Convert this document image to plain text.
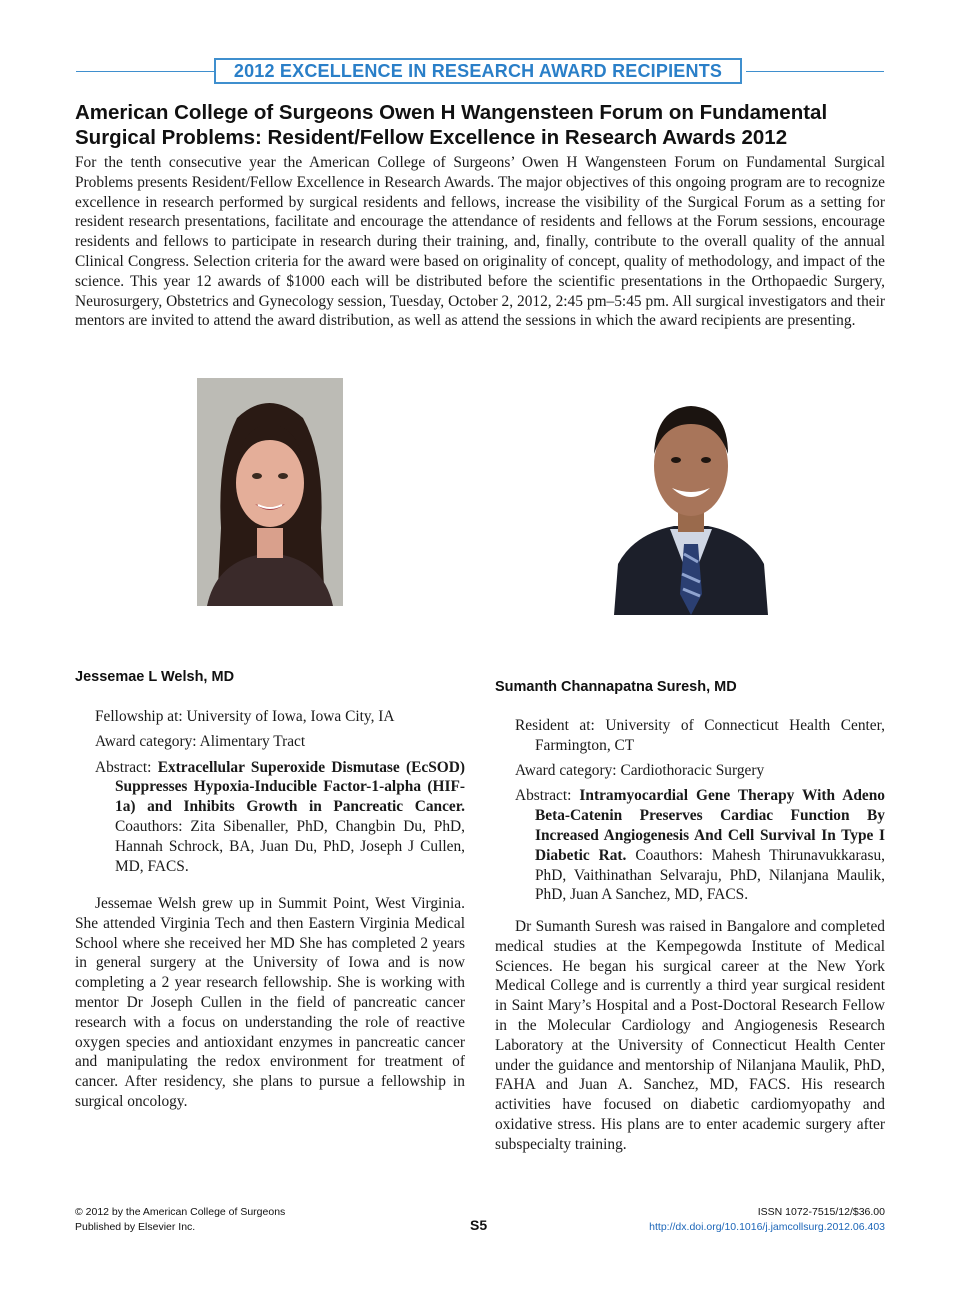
2012 EXCELLENCE IN RESEARCH AWARD RECIPIENTS
American College of Surgeons Owen H Wangensteen Forum on Fundamental Surgical Problems: Resident/Fellow Excellence in Research Awards 2012

For the tenth consecutive year the American College of Surgeons’ Owen H Wangensteen Forum on Fundamental Surgical Problems presents Resident/Fellow Excellence in Research Awards. The major objectives of this ongoing program are to recognize excellence in research performed by surgical residents and fellows, increase the visibility of the Surgical Forum as a setting for resident research presentations, facilitate and encourage the attendance of residents and fellows at the Forum sessions, encourage residents and fellows to participate in research during their training, and, finally, contribute to the overall quality of the annual Clinical Congress. Selection criteria for the award were based on originality of concept, quality of methodology, and impact of the science. This year 12 awards of $1000 each will be distributed before the scientific presentations in the Orthopaedic Surgery, Neurosurgery, Obstetrics and Gynecology session, Tuesday, October 2, 2012, 2:45 pm–5:45 pm. All surgical investigators and their mentors are invited to attend the award distribution, as well as attend the sessions in which the award recipients are presenting.

Jessemae L Welsh, MD
Fellowship at: University of Iowa, Iowa City, IA
Award category: Alimentary Tract
Abstract: Extracellular Superoxide Dismutase (EcSOD) Suppresses Hypoxia-Inducible Factor-1-alpha (HIF-1a) and Inhibits Growth in Pancreatic Cancer. Coauthors: Zita Sibenaller, PhD, Changbin Du, PhD, Hannah Schrock, BA, Juan Du, PhD, Joseph J Cullen, MD, FACS.

Jessemae Welsh grew up in Summit Point, West Virginia. She attended Virginia Tech and then Eastern Virginia Medical School where she received her MD She has completed 2 years in general surgery at the University of Iowa and is now completing a 2 year research fellowship. She is working with mentor Dr Joseph Cullen in the field of pancreatic cancer research with a focus on understanding the role of reactive oxygen species and antioxidant enzymes in pancreatic cancer and manipulating the redox environment for treatment of cancer. After residency, she plans to pursue a fellowship in surgical oncology.

Sumanth Channapatna Suresh, MD
Resident at: University of Connecticut Health Center, Farmington, CT
Award category: Cardiothoracic Surgery
Abstract: Intramyocardial Gene Therapy With Adeno Beta-Catenin Preserves Cardiac Function By Increased Angiogenesis And Cell Survival In Type I Diabetic Rat. Coauthors: Mahesh Thirunavukkarasu, PhD, Vaithinathan Selvaraju, PhD, Nilanjana Maulik, PhD, Juan A Sanchez, MD, FACS.

Dr Sumanth Suresh was raised in Bangalore and completed medical studies at the Kempegowda Institute of Medical Sciences. He began his surgical career at the New York Medical College and is currently a third year surgical resident in Saint Mary’s Hospital and a Post-Doctoral Research Fellow in the Molecular Cardiology and Angiogenesis Research Laboratory at the University of Connecticut Health Center under the guidance and mentorship of Nilanjana Maulik, PhD, FAHA and Juan A. Sanchez, MD, FACS. His research activities have focused on diabetic cardiomyopathy and oxidative stress. His plans are to enter academic surgery after subspecialty training.

© 2012 by the American College of Surgeons
Published by Elsevier Inc.	S5
ISSN 1072-7515/12/$36.00
http://dx.doi.org/10.1016/j.jamcollsurg.2012.06.403
